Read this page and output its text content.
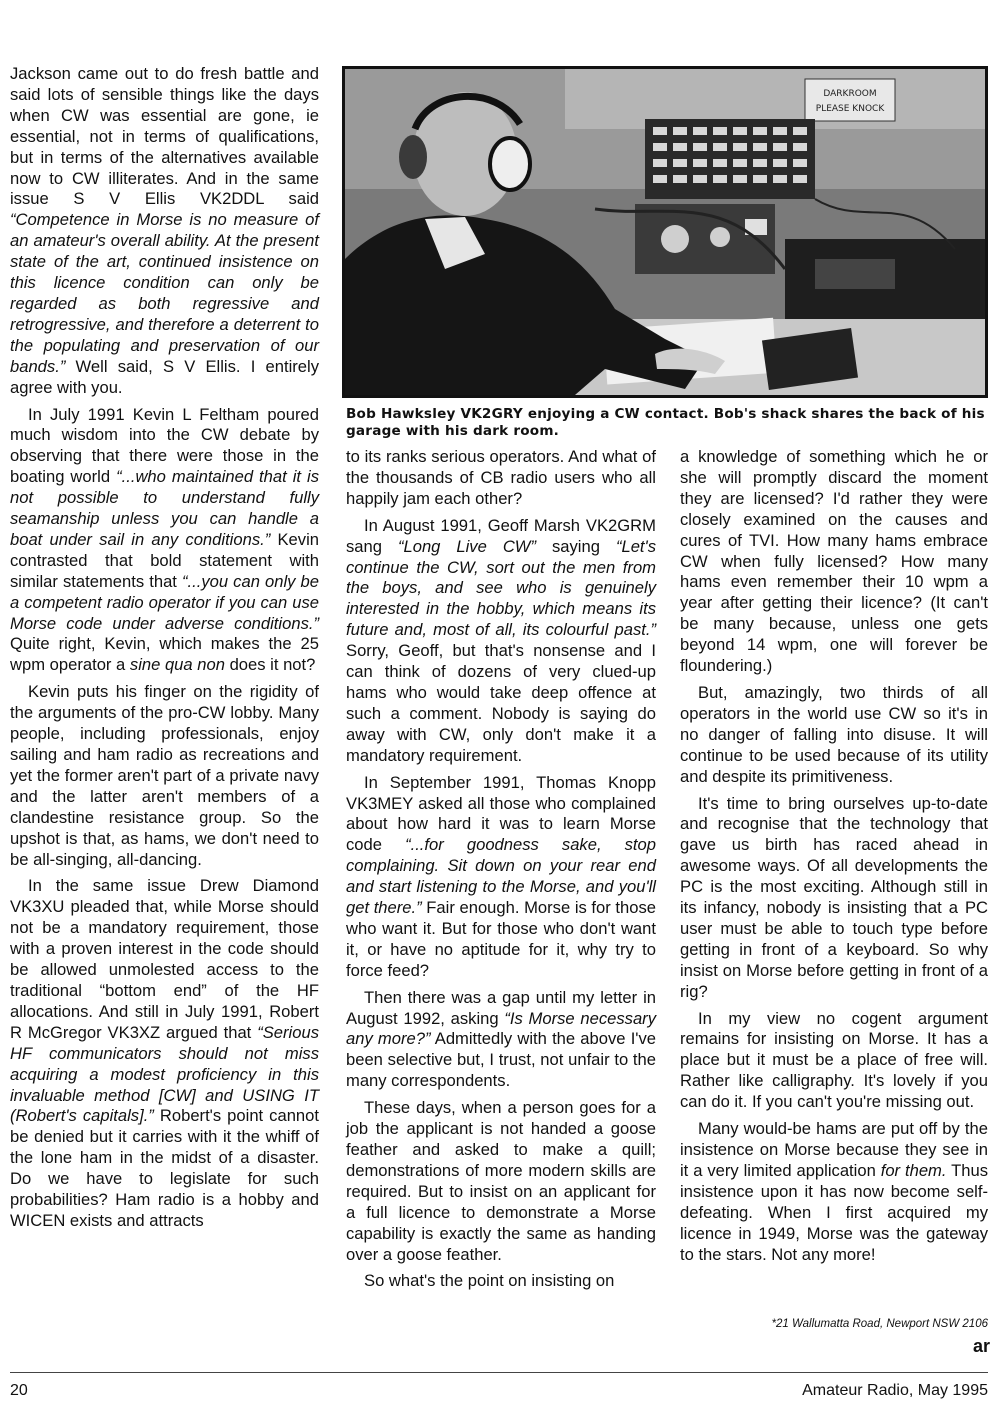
Jackson came out to do fresh battle and said lots of sensible things like the days when CW was essential are gone, ie essential, not in terms of qualifications, but in terms of the alternatives available now to CW illiterates. And in the same issue S V Ellis VK2DDL said “Competence in Morse is no measure of an amateur's overall ability. At the present state of the art, continued insistence on this licence condition can only be regarded as both regressive and retrogressive, and therefore a deterrent to the populating and preservation of our bands.” Well said, S V Ellis. I entirely agree with you.

In July 1991 Kevin L Feltham poured much wisdom into the CW debate by observing that there were those in the boating world “...who maintained that it is not possible to understand fully seamanship unless you can handle a boat under sail in any conditions.” Kevin contrasted that bold statement with similar statements that “...you can only be a competent radio operator if you can use Morse code under adverse conditions.” Quite right, Kevin, which makes the 25 wpm operator a sine qua non does it not?

Kevin puts his finger on the rigidity of the arguments of the pro-CW lobby. Many people, including professionals, enjoy sailing and ham radio as recreations and yet the former aren't part of a private navy and the latter aren't members of a clandestine resistance group. So the upshot is that, as hams, we don't need to be all-singing, all-dancing.

In the same issue Drew Diamond VK3XU pleaded that, while Morse should not be a mandatory requirement, those with a proven interest in the code should be allowed unmolested access to the traditional “bottom end” of the HF allocations. And still in July 1991, Robert R McGregor VK3XZ argued that “Serious HF communicators should not miss acquiring a modest proficiency in this invaluable method [CW] and USING IT (Robert's capitals].” Robert's point cannot be denied but it carries with it the whiff of the lone ham in the midst of a disaster. Do we have to legislate for such probabilities? Ham radio is a hobby and WICEN exists and attracts

DARKROOM
PLEASE KNOCK
Bob Hawksley VK2GRY enjoying a CW contact. Bob's shack shares the back of his garage with his dark room.

to its ranks serious operators. And what of the thousands of CB radio users who all happily jam each other?

In August 1991, Geoff Marsh VK2GRM sang “Long Live CW” saying “Let's continue the CW, sort out the men from the boys, and see who is genuinely interested in the hobby, which means its future and, most of all, its colourful past.” Sorry, Geoff, but that's nonsense and I can think of dozens of very clued-up hams who would take deep offence at such a comment. Nobody is saying do away with CW, only don't make it a mandatory requirement.

In September 1991, Thomas Knopp VK3MEY asked all those who complained about how hard it was to learn Morse code “...for goodness sake, stop complaining. Sit down on your rear end and start listening to the Morse, and you'll get there.” Fair enough. Morse is for those who want it. But for those who don't want it, or have no aptitude for it, why try to force feed?

Then there was a gap until my letter in August 1992, asking “Is Morse necessary any more?” Admittedly with the above I've been selective but, I trust, not unfair to the many correspondents.

These days, when a person goes for a job the applicant is not handed a goose feather and asked to make a quill; demonstrations of more modern skills are required. But to insist on an applicant for a full licence to demonstrate a Morse capability is exactly the same as handing over a goose feather.

So what's the point on insisting on

a knowledge of something which he or she will promptly discard the moment they are licensed? I'd rather they were closely examined on the causes and cures of TVI. How many hams embrace CW when fully licensed? How many hams even remember their 10 wpm a year after getting their licence? (It can't be many because, unless one gets beyond 14 wpm, one will forever be floundering.)

But, amazingly, two thirds of all operators in the world use CW so it's in no danger of falling into disuse. It will continue to be used because of its utility and despite its primitiveness.

It's time to bring ourselves up-to-date and recognise that the technology that gave us birth has raced ahead in awesome ways. Of all developments the PC is the most exciting. Although still in its infancy, nobody is insisting that a PC user must be able to touch type before getting in front of a keyboard. So why insist on Morse before getting in front of a rig?

In my view no cogent argument remains for insisting on Morse. It has a place but it must be a place of free will. Rather like calligraphy. It's lovely if you can do it. If you can't you're missing out.

Many would-be hams are put off by the insistence on Morse because they see in it a very limited application for them. Thus insistence upon it has now become self-defeating. When I first acquired my licence in 1949, Morse was the gateway to the stars. Not any more!

*21 Wallumatta Road, Newport NSW 2106
ar
20	Amateur Radio, May 1995
